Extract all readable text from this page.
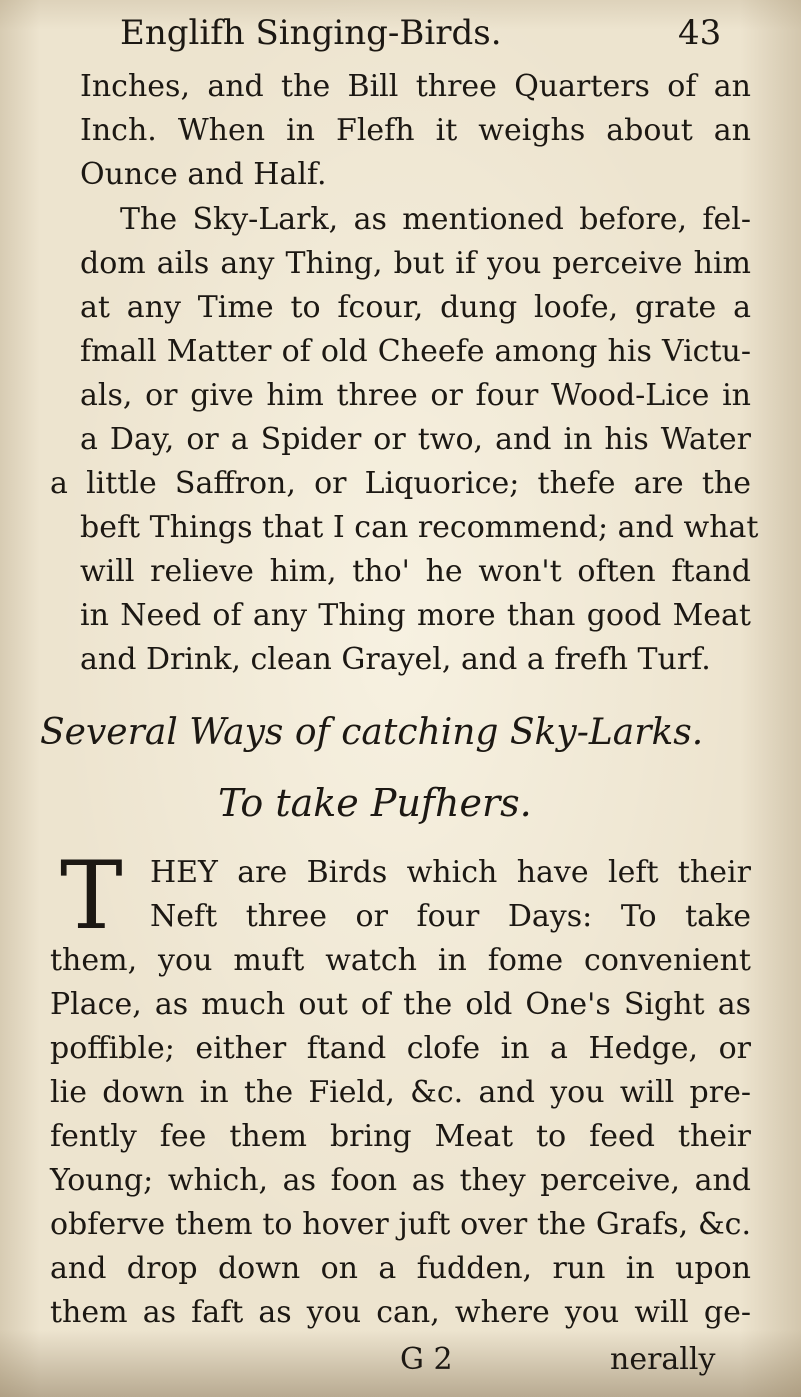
Englifh Singing-Birds.	43
Inches, and the Bill three Quarters of an
Inch. When in Flefh it weighs about an
Ounce and Half.
The Sky-Lark, as mentioned before, fel-
dom ails any Thing, but if you perceive him
at any Time to fcour, dung loofe, grate a
fmall Matter of old Cheefe among his Victu-
als, or give him three or four Wood-Lice in
a Day, or a Spider or two, and in his Water
a little Saffron, or Liquorice; thefe are the
beft Things that I can recommend; and what
will relieve him, tho' he won't often ftand
in Need of any Thing more than good Meat
and Drink, clean Grayel, and a frefh Turf.
Several Ways of catching Sky-Larks.
To take Pufhers.
T HEY are Birds which have left their
Neft three or four Days: To take
them, you muft watch in fome convenient
Place, as much out of the old One's Sight as
poffible; either ftand clofe in a Hedge, or
lie down in the Field, &c. and you will pre-
fently fee them bring Meat to feed their
Young; which, as foon as they perceive, and
obferve them to hover juft over the Grafs, &c.
and drop down on a fudden, run in upon
them as faft as you can, where you will ge-
G 2	nerally
